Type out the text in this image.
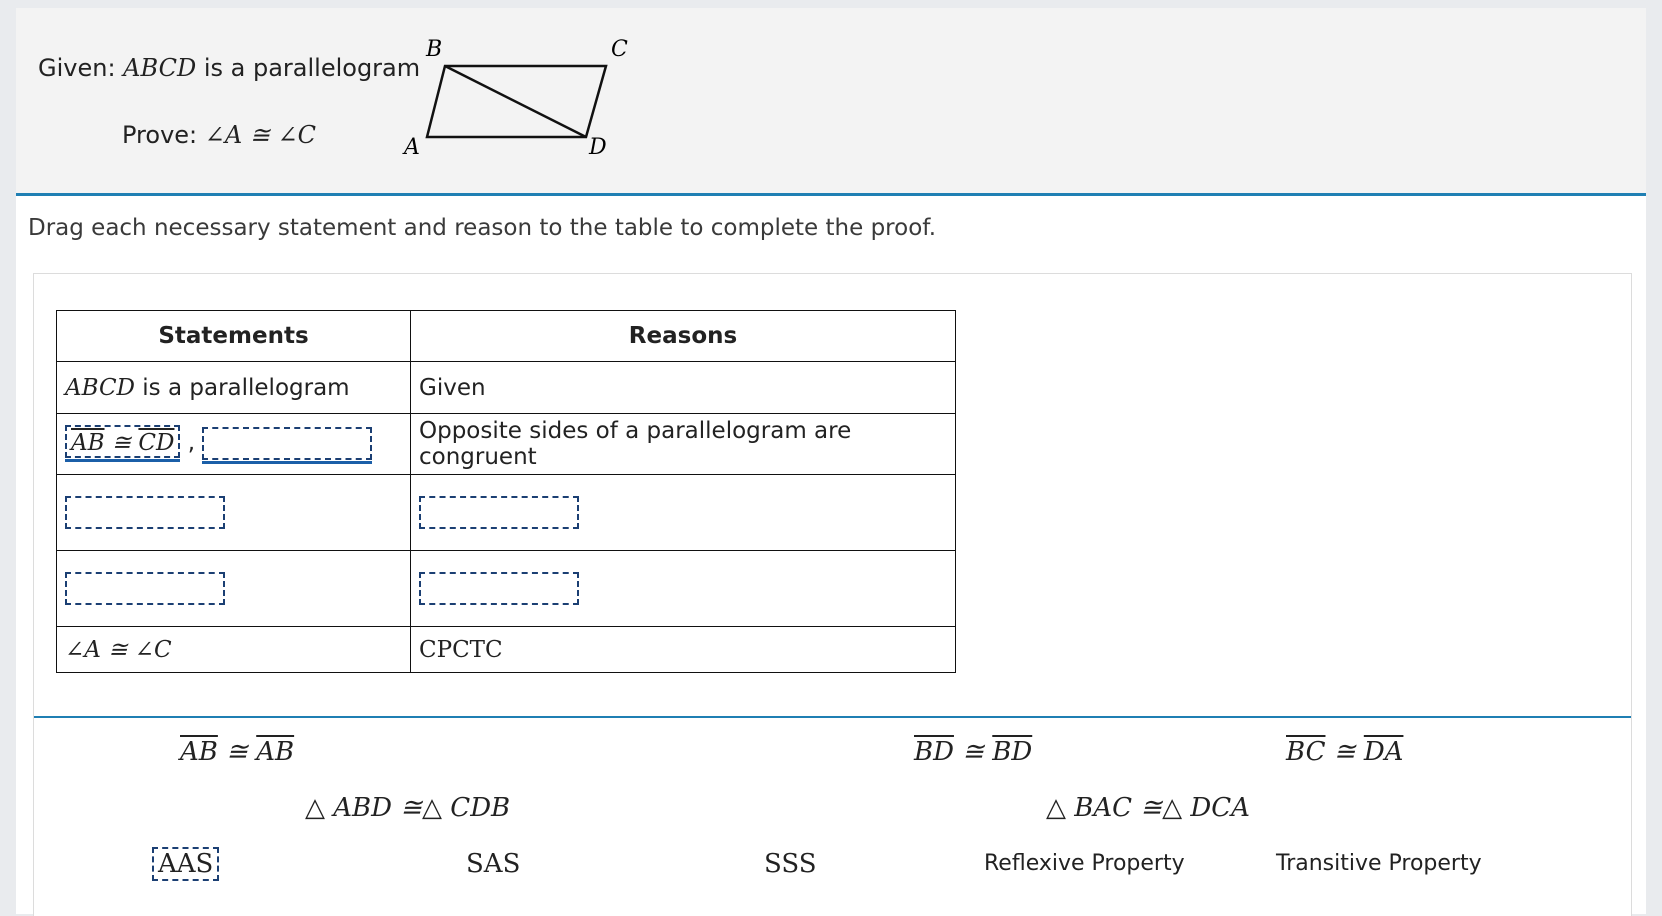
Given: ABCD is a parallelogram
Prove: ∠A ≅ ∠C
B	C
A	D
Drag each necessary statement and reason to the table to complete the proof.
Statements	Reasons
ABCD is a parallelogram	Given
$\overline{AB}$ ≅ $\overline{CD}$ ,	Opposite sides of a parallelogram are congruent

∠A ≅ ∠C	CPCTC
$\overline{AB}$ ≅ $\overline{AB}$	$\overline{BD}$ ≅ $\overline{BD}$	$\overline{BC}$ ≅ $\overline{DA}$
△ ABD ≅△ CDB	△ BAC ≅△ DCA
AAS	SAS	SSS	Reflexive Property	Transitive Property
